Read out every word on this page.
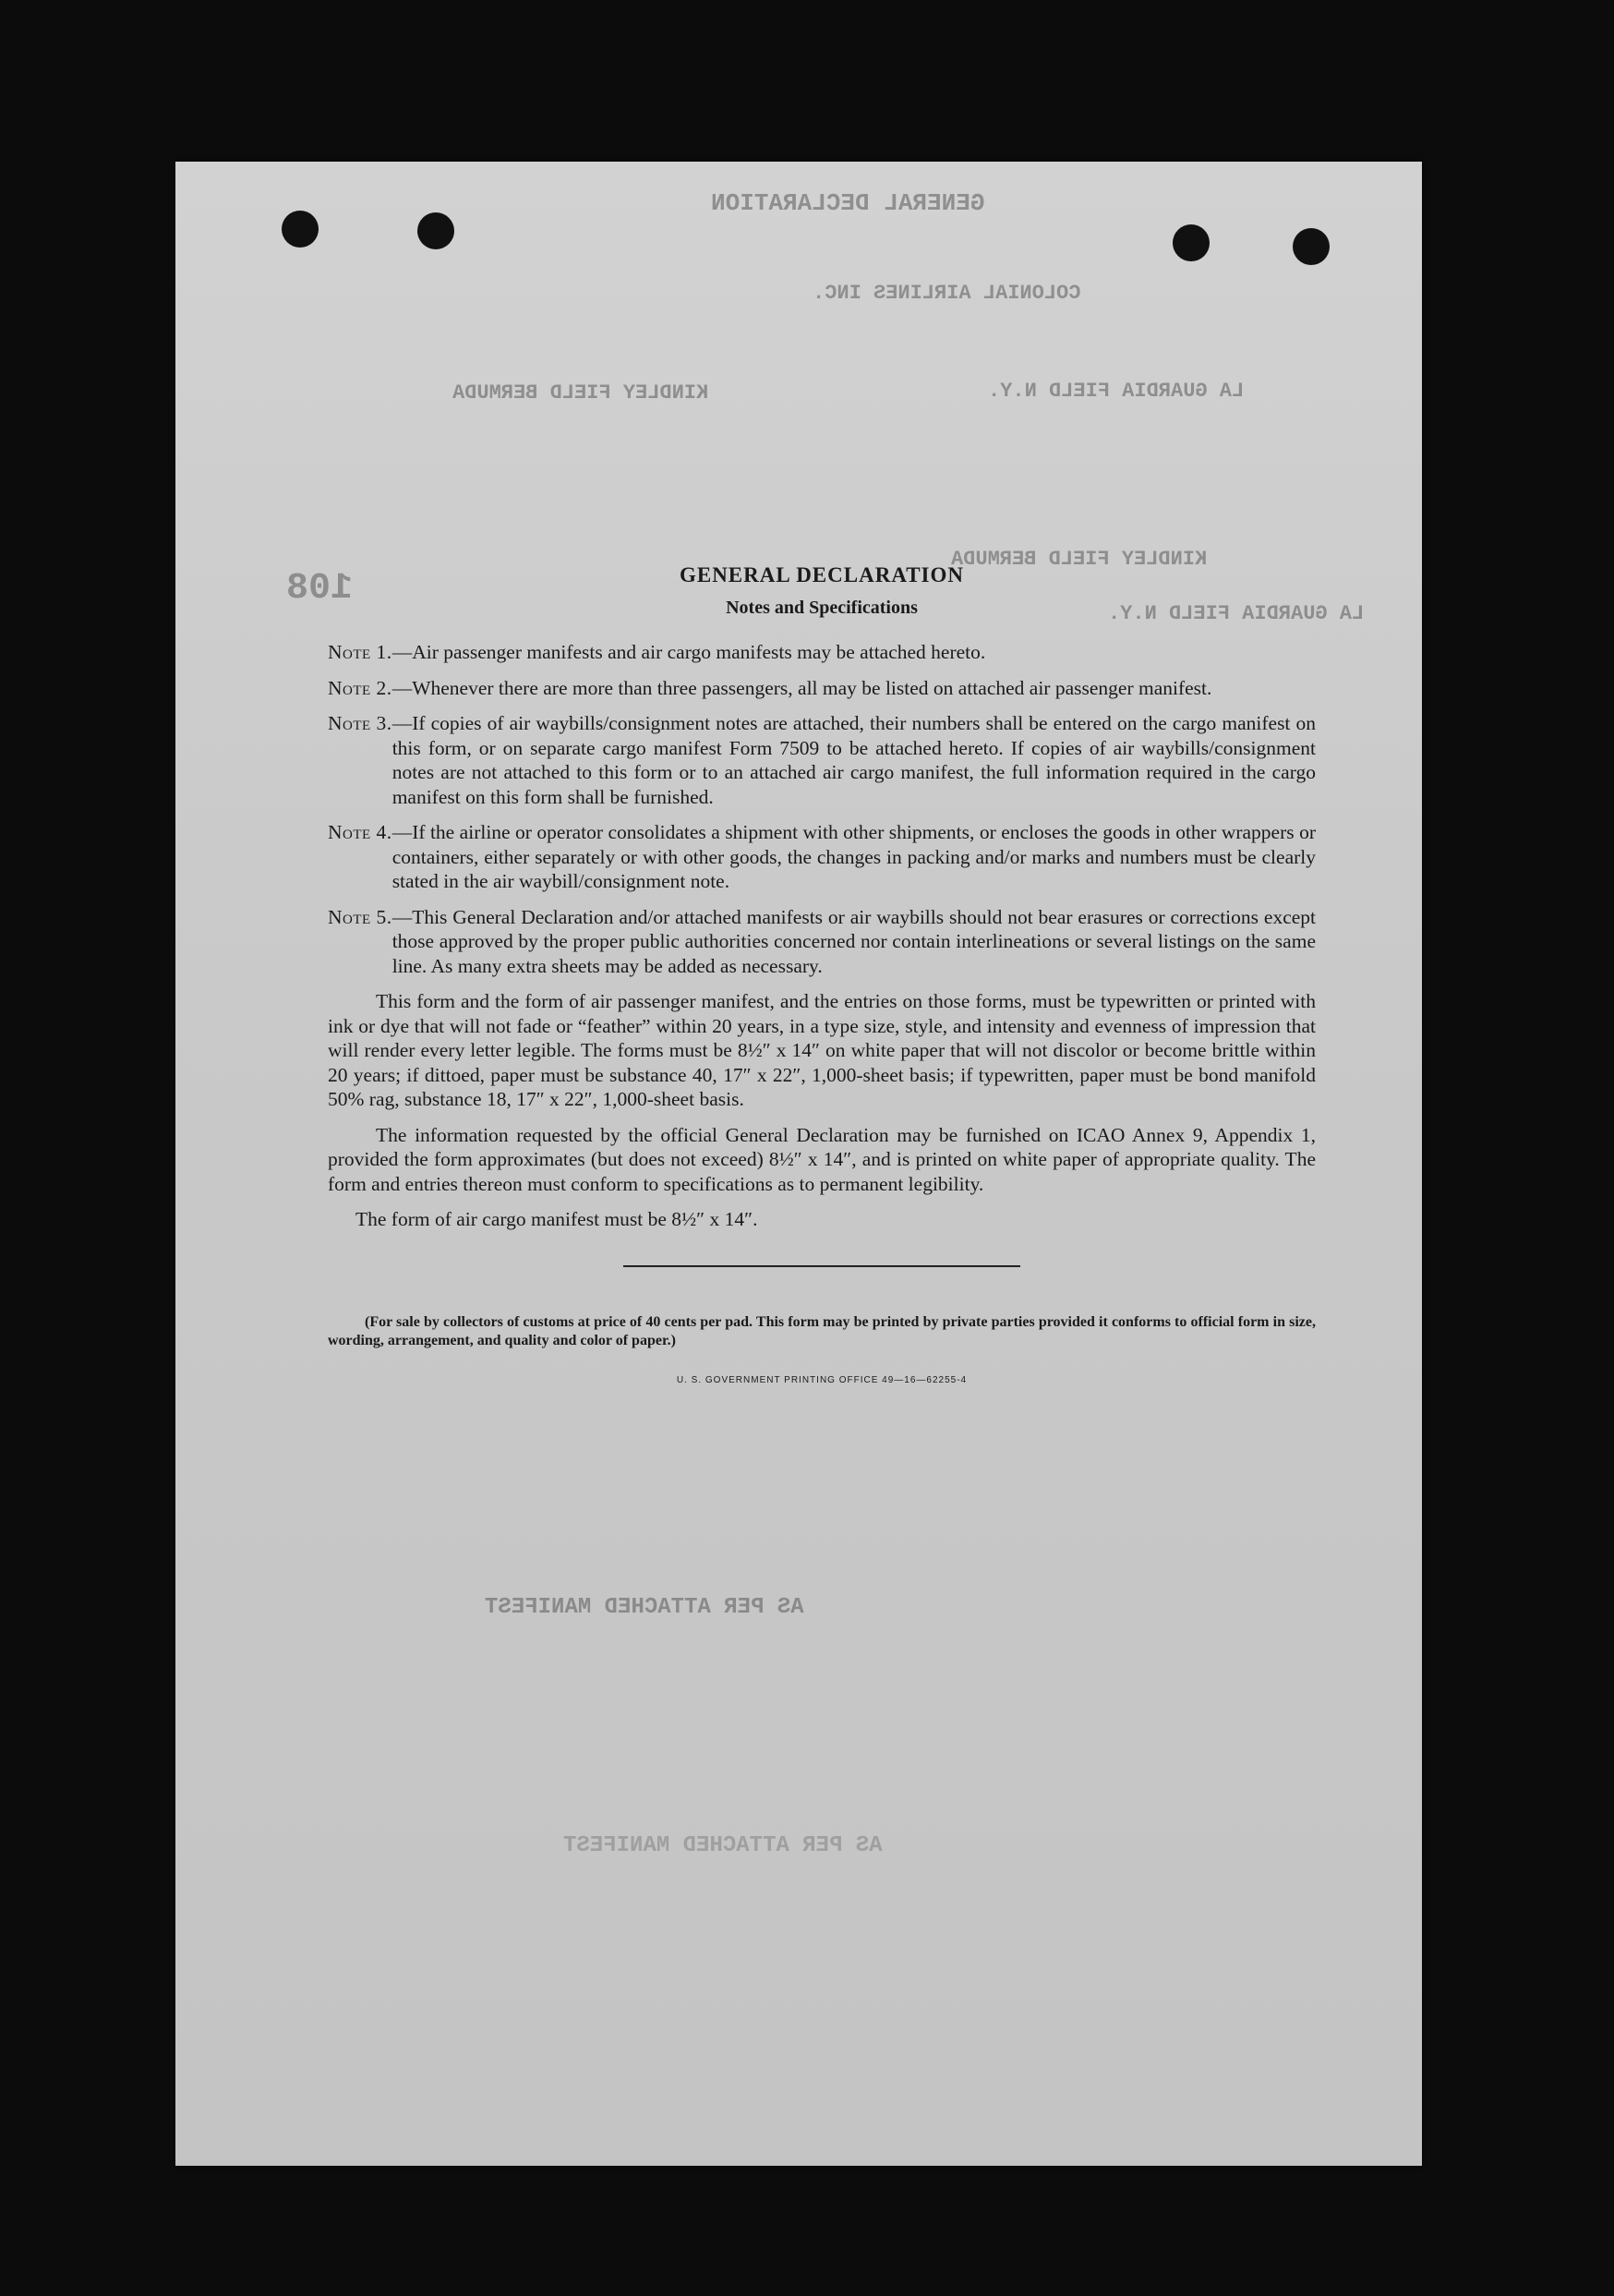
GENERAL DECLARATION
COLONIAL AIRLINES INC.
KINDLEY FIELD BERMUDA	LA GUARDIA FIELD N.Y.
KINDLEY FIELD BERMUDA
LA GUARDIA FIELD N.Y.
108
AS PER ATTACHED MANIFEST
AS PER ATTACHED MANIFEST
GENERAL DECLARATION
Notes and Specifications
Note 1. —Air passenger manifests and air cargo manifests may be attached hereto.
Note 2. —Whenever there are more than three passengers, all may be listed on attached air passenger manifest.
Note 3. —If copies of air waybills/consignment notes are attached, their numbers shall be entered on the cargo manifest on this form, or on separate cargo manifest Form 7509 to be attached hereto. If copies of air waybills/consignment notes are not attached to this form or to an attached air cargo manifest, the full information required in the cargo manifest on this form shall be furnished.
Note 4. —If the airline or operator consolidates a shipment with other shipments, or encloses the goods in other wrappers or containers, either separately or with other goods, the changes in packing and/or marks and numbers must be clearly stated in the air waybill/consignment note.
Note 5. —This General Declaration and/or attached manifests or air waybills should not bear erasures or corrections except those approved by the proper public authorities concerned nor contain interlineations or several listings on the same line. As many extra sheets may be added as necessary.
This form and the form of air passenger manifest, and the entries on those forms, must be typewritten or printed with ink or dye that will not fade or “feather” within 20 years, in a type size, style, and intensity and evenness of impression that will render every letter legible. The forms must be 8½″ x 14″ on white paper that will not discolor or become brittle within 20 years; if dittoed, paper must be substance 40, 17″ x 22″, 1,000-sheet basis; if typewritten, paper must be bond manifold 50% rag, substance 18, 17″ x 22″, 1,000-sheet basis.
The information requested by the official General Declaration may be furnished on ICAO Annex 9, Appendix 1, provided the form approximates (but does not exceed) 8½″ x 14″, and is printed on white paper of appropriate quality. The form and entries thereon must conform to specifications as to permanent legibility.
The form of air cargo manifest must be 8½″ x 14″.
(For sale by collectors of customs at price of 40 cents per pad. This form may be printed by private parties provided it conforms to official form in size, wording, arrangement, and quality and color of paper.)
U. S. GOVERNMENT PRINTING OFFICE 49—16—62255-4
